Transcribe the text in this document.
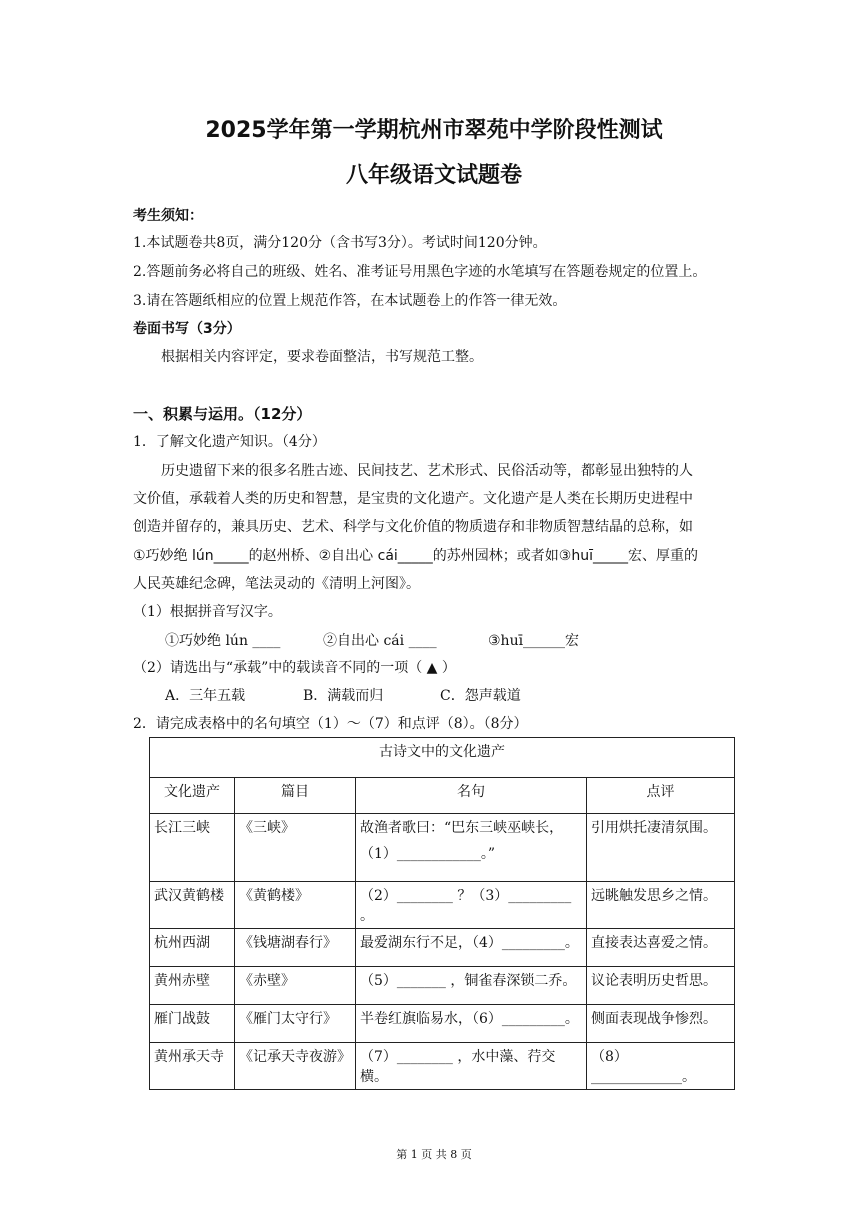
2025学年第一学期杭州市翠苑中学阶段性测试
八年级语文试题卷
考生须知：
1.本试题卷共8页，满分120分（含书写3分）。考试时间120分钟。
2.答题前务必将自己的班级、姓名、准考证号用黑色字迹的水笔填写在答题卷规定的位置上。
3.请在答题纸相应的位置上规范作答，在本试题卷上的作答一律无效。
卷面书写（3分）
根据相关内容评定，要求卷面整洁，书写规范工整。
一、积累与运用。（12分）
1．了解文化遗产知识。（4分）
历史遗留下来的很多名胜古迹、民间技艺、艺术形式、民俗活动等，都彰显出独特的人
文价值，承载着人类的历史和智慧，是宝贵的文化遗产。文化遗产是人类在长期历史进程中
创造并留存的，兼具历史、艺术、科学与文化价值的物质遗存和非物质智慧结晶的总称，如
①巧妙绝 lún_____的赵州桥、②自出心 cái_____的苏州园林；或者如③huī_____宏、厚重的
人民英雄纪念碑，笔法灵动的《清明上河图》。
（1）根据拼音写汉字。
①巧妙绝 lún ____	②自出心 cái ____	③huī______宏
（2）请选出与“承载”中的载读音不同的一项（ ▲ ）
A．三年五载	B．满载而归	C．怨声载道
2．请完成表格中的名句填空（1）～（7）和点评（8）。（8分）
古诗文中的文化遗产			
文化遗产	篇目	名句	点评
长江三峡	《三峡》	故渔者歌曰：“巴东三峡巫峡长，
（1）____________。”	引用烘托凄清氛围。
武汉黄鹤楼	《黄鹤楼》	（2）________ ？（3）_________ 。	远眺触发思乡之情。
杭州西湖	《钱塘湖春行》	最爱湖东行不足，（4）_________。	直接表达喜爱之情。
黄州赤壁	《赤壁》	（5）_______ ，铜雀春深锁二乔。	议论表明历史哲思。
雁门战鼓	《雁门太守行》	半卷红旗临易水，（6）_________。	侧面表现战争惨烈。
黄州承天寺	《记承天寺夜游》	（7）________ ，水中藻、荇交横。	（8）_____________。
第 1 页 共 8 页
